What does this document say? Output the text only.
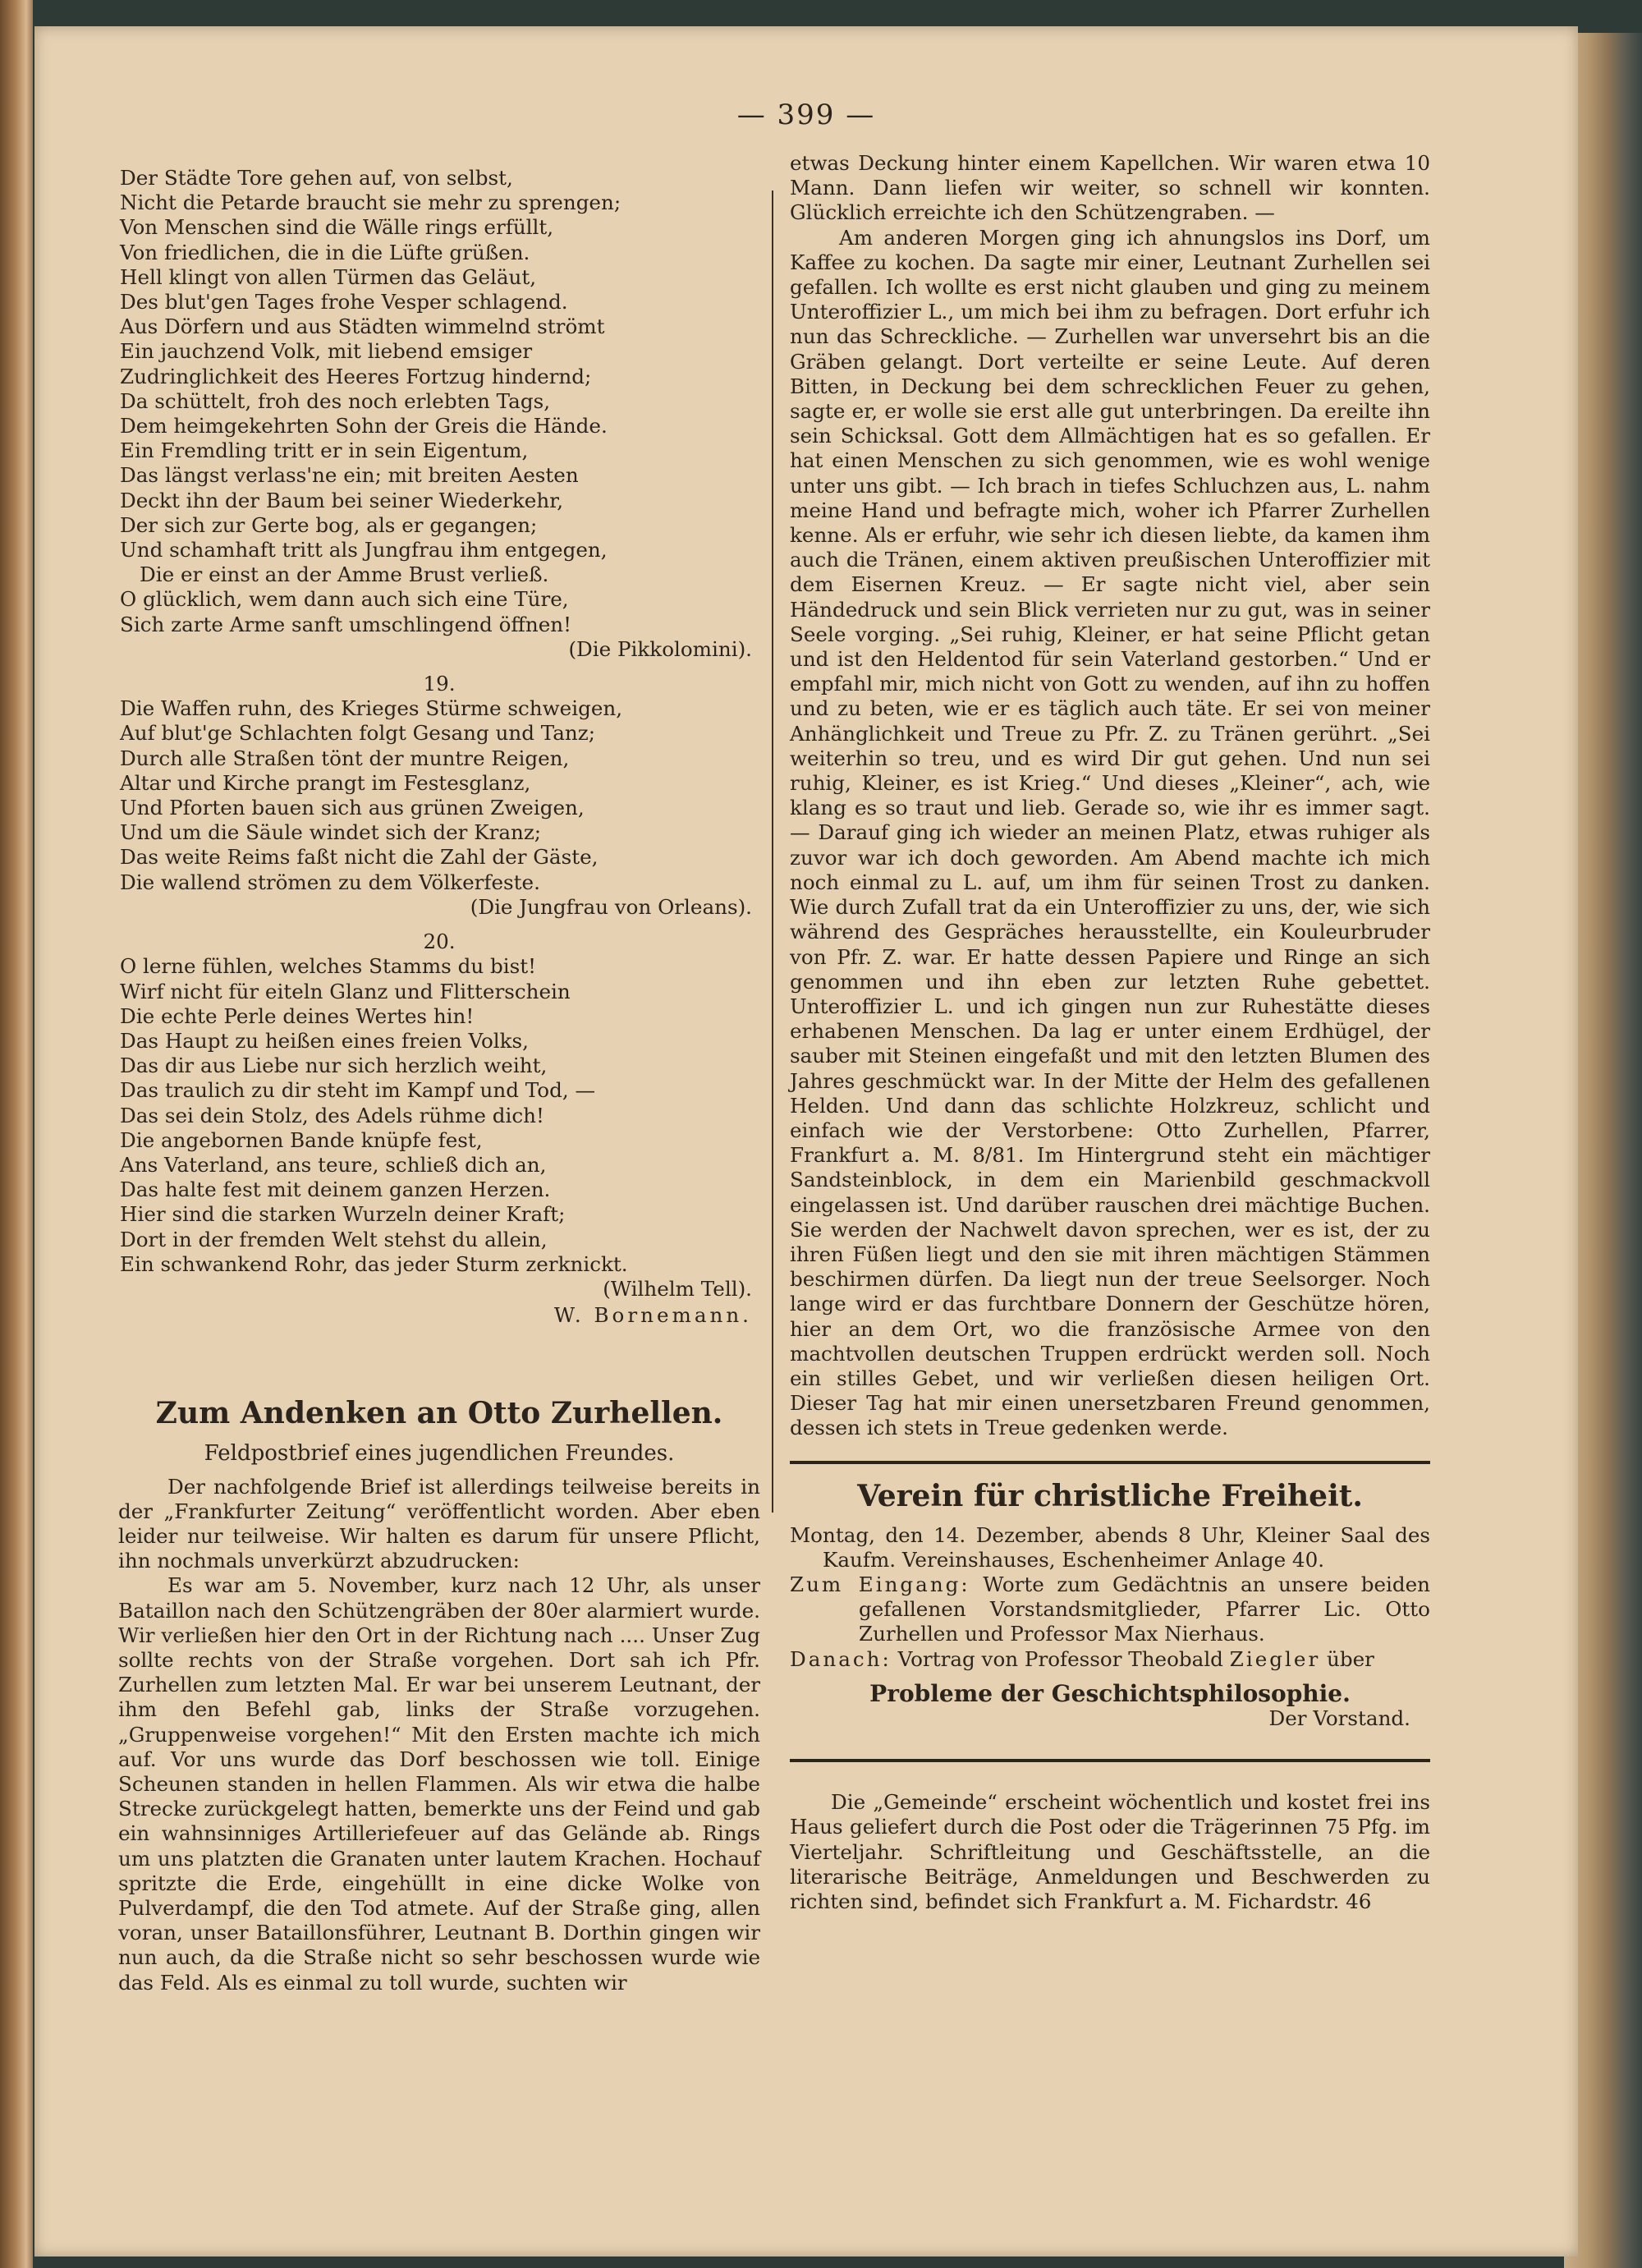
— 399 —
Der Städte Tore gehen auf, von selbst,
Nicht die Petarde braucht sie mehr zu sprengen;
Von Menschen sind die Wälle rings erfüllt,
Von friedlichen, die in die Lüfte grüßen.
Hell klingt von allen Türmen das Geläut,
Des blut'gen Tages frohe Vesper schlagend.
Aus Dörfern und aus Städten wimmelnd strömt
Ein jauchzend Volk, mit liebend emsiger
Zudringlichkeit des Heeres Fortzug hindernd;
Da schüttelt, froh des noch erlebten Tags,
Dem heimgekehrten Sohn der Greis die Hände.
Ein Fremdling tritt er in sein Eigentum,
Das längst verlass'ne ein; mit breiten Aesten
Deckt ihn der Baum bei seiner Wiederkehr,
Der sich zur Gerte bog, als er gegangen;
Und schamhaft tritt als Jungfrau ihm entgegen,
Die er einst an der Amme Brust verließ.
O glücklich, wem dann auch sich eine Türe,
Sich zarte Arme sanft umschlingend öffnen!
(Die Pikkolomini).
19.
Die Waffen ruhn, des Krieges Stürme schweigen,
Auf blut'ge Schlachten folgt Gesang und Tanz;
Durch alle Straßen tönt der muntre Reigen,
Altar und Kirche prangt im Festesglanz,
Und Pforten bauen sich aus grünen Zweigen,
Und um die Säule windet sich der Kranz;
Das weite Reims faßt nicht die Zahl der Gäste,
Die wallend strömen zu dem Völkerfeste.
(Die Jungfrau von Orleans).
20.
O lerne fühlen, welches Stamms du bist!
Wirf nicht für eiteln Glanz und Flitterschein
Die echte Perle deines Wertes hin!
Das Haupt zu heißen eines freien Volks,
Das dir aus Liebe nur sich herzlich weiht,
Das traulich zu dir steht im Kampf und Tod, —
Das sei dein Stolz, des Adels rühme dich!
Die angebornen Bande knüpfe fest,
Ans Vaterland, ans teure, schließ dich an,
Das halte fest mit deinem ganzen Herzen.
Hier sind die starken Wurzeln deiner Kraft;
Dort in der fremden Welt stehst du allein,
Ein schwankend Rohr, das jeder Sturm zerknickt.
(Wilhelm Tell).
W. Bornemann.
Zum Andenken an Otto Zurhellen.
Feldpostbrief eines jugendlichen Freundes.

Der nachfolgende Brief ist allerdings teilweise bereits in der „Frankfurter Zeitung“ veröffentlicht worden. Aber eben leider nur teilweise. Wir halten es darum für unsere Pflicht, ihn nochmals unverkürzt abzudrucken:

Es war am 5. November, kurz nach 12 Uhr, als unser Bataillon nach den Schützengräben der 80er alarmiert wurde. Wir verließen hier den Ort in der Richtung nach .... Unser Zug sollte rechts von der Straße vorgehen. Dort sah ich Pfr. Zurhellen zum letzten Mal. Er war bei unserem Leutnant, der ihm den Befehl gab, links der Straße vorzugehen. „Gruppenweise vorgehen!“ Mit den Ersten machte ich mich auf. Vor uns wurde das Dorf beschossen wie toll. Einige Scheunen standen in hellen Flammen. Als wir etwa die halbe Strecke zurückgelegt hatten, bemerkte uns der Feind und gab ein wahnsinniges Artilleriefeuer auf das Gelände ab. Rings um uns platzten die Granaten unter lautem Krachen. Hochauf spritzte die Erde, eingehüllt in eine dicke Wolke von Pulverdampf, die den Tod atmete. Auf der Straße ging, allen voran, unser Bataillonsführer, Leutnant B. Dorthin gingen wir nun auch, da die Straße nicht so sehr beschossen wurde wie das Feld. Als es einmal zu toll wurde, suchten wir

etwas Deckung hinter einem Kapellchen. Wir waren etwa 10 Mann. Dann liefen wir weiter, so schnell wir konnten. Glücklich erreichte ich den Schützengraben. —

Am anderen Morgen ging ich ahnungslos ins Dorf, um Kaffee zu kochen. Da sagte mir einer, Leutnant Zurhellen sei gefallen. Ich wollte es erst nicht glauben und ging zu meinem Unteroffizier L., um mich bei ihm zu befragen. Dort erfuhr ich nun das Schreckliche. — Zurhellen war unversehrt bis an die Gräben gelangt. Dort verteilte er seine Leute. Auf deren Bitten, in Deckung bei dem schrecklichen Feuer zu gehen, sagte er, er wolle sie erst alle gut unterbringen. Da ereilte ihn sein Schicksal. Gott dem Allmächtigen hat es so gefallen. Er hat einen Menschen zu sich genommen, wie es wohl wenige unter uns gibt. — Ich brach in tiefes Schluchzen aus, L. nahm meine Hand und befragte mich, woher ich Pfarrer Zurhellen kenne. Als er erfuhr, wie sehr ich diesen liebte, da kamen ihm auch die Tränen, einem aktiven preußischen Unteroffizier mit dem Eisernen Kreuz. — Er sagte nicht viel, aber sein Händedruck und sein Blick verrieten nur zu gut, was in seiner Seele vorging. „Sei ruhig, Kleiner, er hat seine Pflicht getan und ist den Heldentod für sein Vaterland gestorben.“ Und er empfahl mir, mich nicht von Gott zu wenden, auf ihn zu hoffen und zu beten, wie er es täglich auch täte. Er sei von meiner Anhänglichkeit und Treue zu Pfr. Z. zu Tränen gerührt. „Sei weiterhin so treu, und es wird Dir gut gehen. Und nun sei ruhig, Kleiner, es ist Krieg.“ Und dieses „Kleiner“, ach, wie klang es so traut und lieb. Gerade so, wie ihr es immer sagt. — Darauf ging ich wieder an meinen Platz, etwas ruhiger als zuvor war ich doch geworden. Am Abend machte ich mich noch einmal zu L. auf, um ihm für seinen Trost zu danken. Wie durch Zufall trat da ein Unteroffizier zu uns, der, wie sich während des Gespräches herausstellte, ein Kouleurbruder von Pfr. Z. war. Er hatte dessen Papiere und Ringe an sich genommen und ihn eben zur letzten Ruhe gebettet. Unteroffizier L. und ich gingen nun zur Ruhestätte dieses erhabenen Menschen. Da lag er unter einem Erdhügel, der sauber mit Steinen eingefaßt und mit den letzten Blumen des Jahres geschmückt war. In der Mitte der Helm des gefallenen Helden. Und dann das schlichte Holzkreuz, schlicht und einfach wie der Verstorbene: Otto Zurhellen, Pfarrer, Frankfurt a. M. 8/81. Im Hintergrund steht ein mächtiger Sandsteinblock, in dem ein Marienbild geschmackvoll eingelassen ist. Und darüber rauschen drei mächtige Buchen. Sie werden der Nachwelt davon sprechen, wer es ist, der zu ihren Füßen liegt und den sie mit ihren mächtigen Stämmen beschirmen dürfen. Da liegt nun der treue Seelsorger. Noch lange wird er das furchtbare Donnern der Geschütze hören, hier an dem Ort, wo die französische Armee von den machtvollen deutschen Truppen erdrückt werden soll. Noch ein stilles Gebet, und wir verließen diesen heiligen Ort. Dieser Tag hat mir einen unersetzbaren Freund genommen, dessen ich stets in Treue gedenken werde.

Verein für christliche Freiheit.

Montag, den 14. Dezember, abends 8 Uhr, Kleiner Saal des Kaufm. Vereinshauses, Eschenheimer Anlage 40.

Zum Eingang: Worte zum Gedächtnis an unsere beiden gefallenen Vorstandsmitglieder, Pfarrer Lic. Otto Zurhellen und Professor Max Nierhaus.

Danach: Vortrag von Professor Theobald Ziegler über

Probleme der Geschichtsphilosophie.
Der Vorstand.

Die „Gemeinde“ erscheint wöchentlich und kostet frei ins Haus geliefert durch die Post oder die Trägerinnen 75 Pfg. im Vierteljahr. Schriftleitung und Geschäftsstelle, an die literarische Beiträge, Anmeldungen und Beschwerden zu richten sind, befindet sich Frankfurt a. M. Fichardstr. 46
